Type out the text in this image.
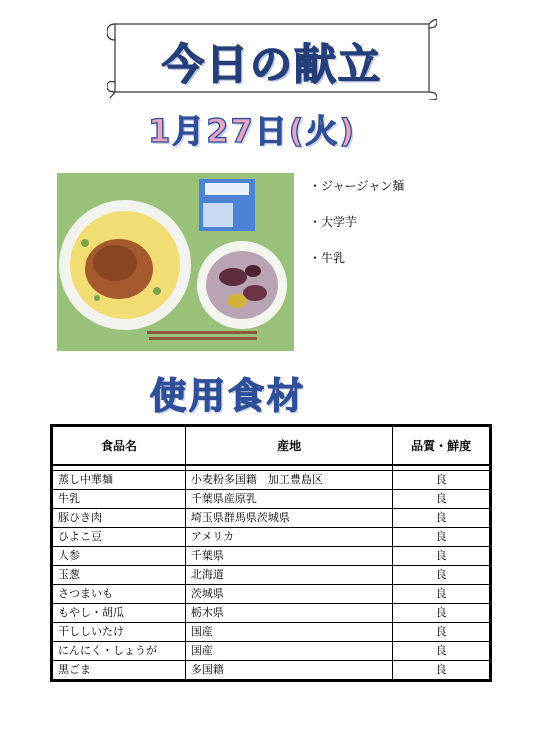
今日の献立
1月27日(火)
・ジャージャン麺
・大学芋
・牛乳
使用食材
食品名	産地	品質・鮮度

蒸し中華麺	小麦粉多国籍　加工豊島区	良
牛乳	千葉県産原乳	良
豚ひき肉	埼玉県群馬県茨城県	良
ひよこ豆	アメリカ	良
人参	千葉県	良
玉葱	北海道	良
さつまいも	茨城県	良
もやし・胡瓜	栃木県	良
干ししいたけ	国産	良
にんにく・しょうが	国産	良
黒ごま	多国籍	良
